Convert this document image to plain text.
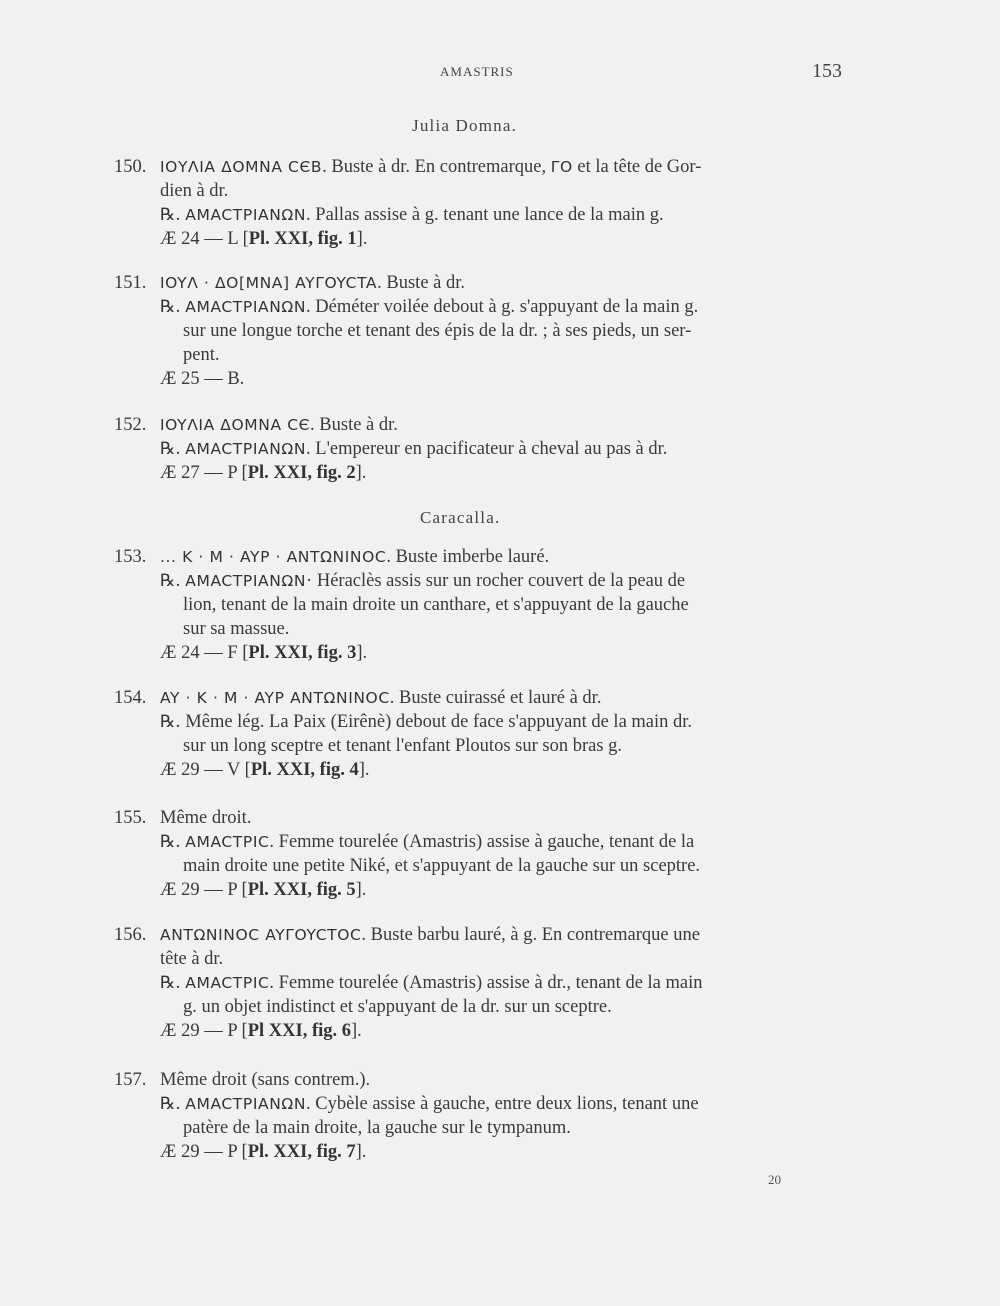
AMASTRIS	153
Julia Domna.
150. ΙΟΥΛΙΑ ΔΟΜΝΑ CЄB. Buste à dr. En contremarque, ΓO et la tête de Gor-
dien à dr.
℞. AMACTPIANΩN. Pallas assise à g. tenant une lance de la main g.
Æ 24 — L [Pl. XXI, fig. 1].
151. IOYΛ · ΔO[MNA] AYΓOYCTA. Buste à dr.
℞. AMACTPIANΩN. Déméter voilée debout à g. s'appuyant de la main g.
sur une longue torche et tenant des épis de la dr. ; à ses pieds, un ser-
pent.
Æ 25 — B.
152. IOYΛIA ΔOMNA CЄ. Buste à dr.
℞. AMACTPIANΩN. L'empereur en pacificateur à cheval au pas à dr.
Æ 27 — P [Pl. XXI, fig. 2].
Caracalla.
153. ... K · M · AYP · ANTΩNINOC. Buste imberbe lauré.
℞. AMACTPIANΩN· Héraclès assis sur un rocher couvert de la peau de
lion, tenant de la main droite un canthare, et s'appuyant de la gauche
sur sa massue.
Æ 24 — F [Pl. XXI, fig. 3].
154. AY · K · M · AYP ANTΩNINOC. Buste cuirassé et lauré à dr.
℞. Même lég. La Paix (Eirênè) debout de face s'appuyant de la main dr.
sur un long sceptre et tenant l'enfant Ploutos sur son bras g.
Æ 29 — V [Pl. XXI, fig. 4].
155. Même droit.
℞. AMACTPIC. Femme tourelée (Amastris) assise à gauche, tenant de la
main droite une petite Niké, et s'appuyant de la gauche sur un sceptre.
Æ 29 — P [Pl. XXI, fig. 5].
156. ANTΩNINOC AYΓOYCTOC. Buste barbu lauré, à g. En contremarque une
tête à dr.
℞. AMACTPIC. Femme tourelée (Amastris) assise à dr., tenant de la main
g. un objet indistinct et s'appuyant de la dr. sur un sceptre.
Æ 29 — P [Pl XXI, fig. 6].
157. Même droit (sans contrem.).
℞. AMACTPIANΩN. Cybèle assise à gauche, entre deux lions, tenant une
patère de la main droite, la gauche sur le tympanum.
Æ 29 — P [Pl. XXI, fig. 7].
20
